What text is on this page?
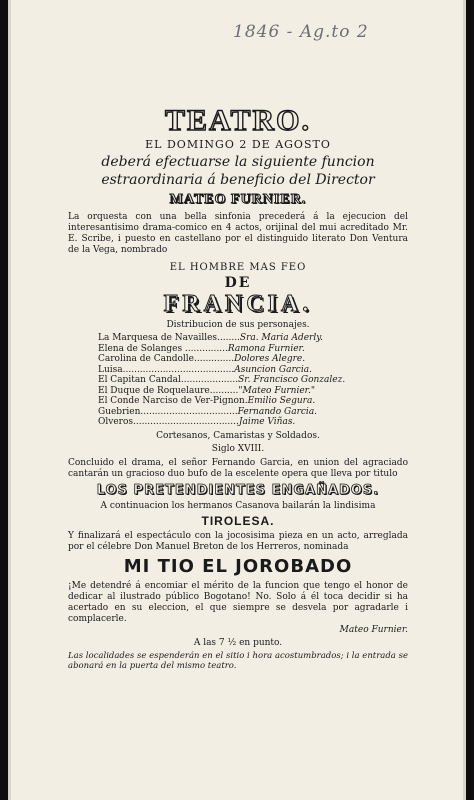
1846 - Ag.to 2
TEATRO.
EL DOMINGO 2 DE AGOSTO
deberá efectuarse la siguiente funcion estraordinaria á beneficio del Director
MATEO FURNIER.
La orquesta con una bella sinfonia precederá á la ejecucion del interesantisimo drama-comico en 4 actos, orijinal del mui acreditado Mr. E. Scribe, i puesto en castellano por el distinguido literato Don Ventura de la Vega, nombrado
EL HOMBRE MAS FEO
DE
FRANCIA.
Distribucion de sus personajes.
La Marquesa de Navailles........ Sra. Maria Aderly.
Elena de Solanges ............... Ramona Furnier.
Carolina de Candolle.............. Dolores Alegre.
Luisa....................................... Asuncion Garcia.
El Capitan Candal.................... Sr. Francisco Gonzalez.
El Duque de Roquelaure.......... "Mateo Furnier."
El Conde Narciso de Ver-Pignon. Emilio Segura.
Guebrien.................................. Fernando Garcia.
Olveros..................................... Jaime Viñas.
Cortesanos, Camaristas y Soldados.
Siglo XVIII.
Concluido el drama, el señor Fernando Garcia, en union del agraciado cantarán un gracioso duo bufo de la escelente opera que lleva por titulo
LOS PRETENDIENTES ENGAÑADOS.
A continuacion los hermanos Casanova bailarán la lindisima
TIROLESA.
Y finalizará el espectáculo con la jocosisima pieza en un acto, arreglada por el célebre Don Manuel Breton de los Herreros, nominada
MI TIO EL JOROBADO
¡Me detendré á encomiar el mérito de la funcion que tengo el honor de dedicar al ilustrado público Bogotano! No. Solo á él toca decidir si ha acertado en su eleccion, el que siempre se desvela por agradarle i complacerle.
Mateo Furnier.
A las 7 ½ en punto.
Las localidades se espenderán en el sitio i hora acostumbrados; i la entrada se abonará en la puerta del mismo teatro.
